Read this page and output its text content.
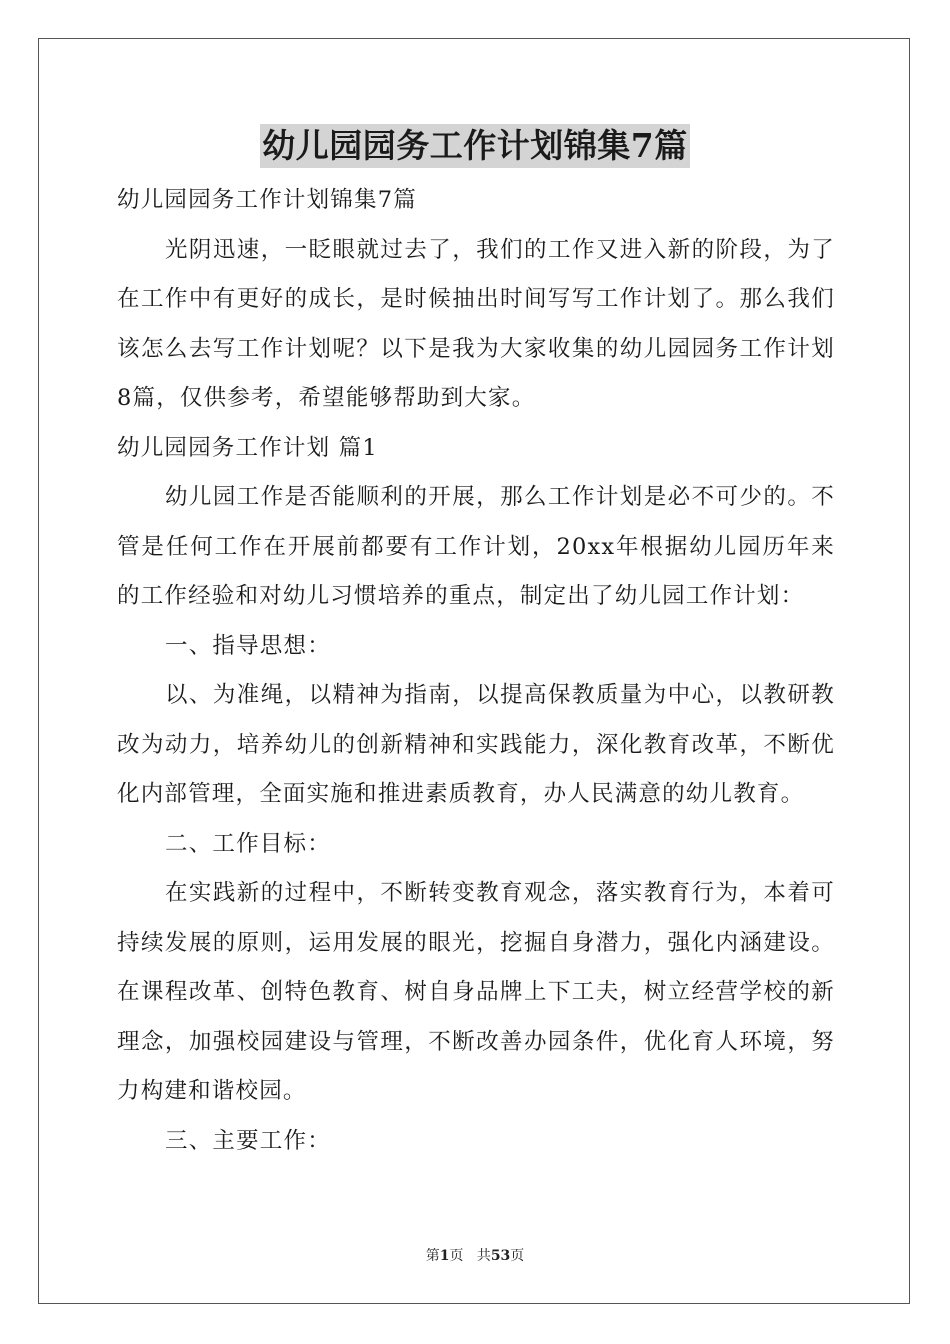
幼儿园园务工作计划锦集7篇

幼儿园园务工作计划锦集7篇

光阴迅速，一眨眼就过去了，我们的工作又进入新的阶段，为了在工作中有更好的成长，是时候抽出时间写写工作计划了。那么我们该怎么去写工作计划呢？以下是我为大家收集的幼儿园园务工作计划8篇，仅供参考，希望能够帮助到大家。

幼儿园园务工作计划 篇1

幼儿园工作是否能顺利的开展，那么工作计划是必不可少的。不管是任何工作在开展前都要有工作计划，20xx年根据幼儿园历年来的工作经验和对幼儿习惯培养的重点，制定出了幼儿园工作计划：

一、指导思想：

以、为准绳，以精神为指南，以提高保教质量为中心，以教研教改为动力，培养幼儿的创新精神和实践能力，深化教育改革，不断优化内部管理，全面实施和推进素质教育，办人民满意的幼儿教育。

二、工作目标：

在实践新的过程中，不断转变教育观念，落实教育行为，本着可持续发展的原则，运用发展的眼光，挖掘自身潜力，强化内涵建设。在课程改革、创特色教育、树自身品牌上下工夫，树立经营学校的新理念，加强校园建设与管理，不断改善办园条件，优化育人环境，努力构建和谐校园。

三、主要工作：

第1页 共53页
